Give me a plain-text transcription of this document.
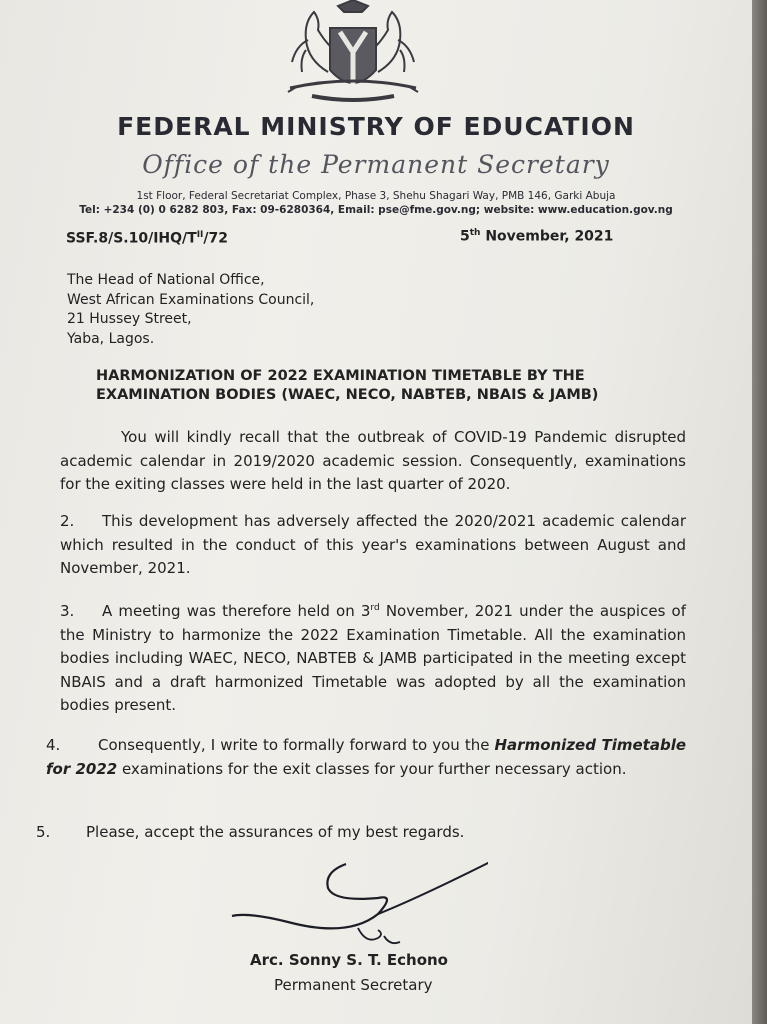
FEDERAL MINISTRY OF EDUCATION
Office of the Permanent Secretary
1st Floor, Federal Secretariat Complex, Phase 3, Shehu Shagari Way, PMB 146, Garki Abuja
Tel: +234 (0) 0 6282 803, Fax: 09-6280364, Email: pse@fme.gov.ng; website: www.education.gov.ng
$SSF.8/S.10/IHQ/T^{II}/72$	5th November, 2021
The Head of National Office,
West African Examinations Council,
21 Hussey Street,
Yaba, Lagos.
HARMONIZATION OF 2022 EXAMINATION TIMETABLE BY THE EXAMINATION BODIES (WAEC, NECO, NABTEB, NBAIS & JAMB)
You will kindly recall that the outbreak of COVID-19 Pandemic disrupted academic calendar in 2019/2020 academic session. Consequently, examinations for the exiting classes were held in the last quarter of 2020.
2. This development has adversely affected the 2020/2021 academic calendar which resulted in the conduct of this year's examinations between August and November, 2021.
3. A meeting was therefore held on 3rd November, 2021 under the auspices of the Ministry to harmonize the 2022 Examination Timetable. All the examination bodies including WAEC, NECO, NABTEB & JAMB participated in the meeting except NBAIS and a draft harmonized Timetable was adopted by all the examination bodies present.
4.	Consequently, I write to formally forward to you the Harmonized Timetable for 2022 examinations for the exit classes for your further necessary action.
5. Please, accept the assurances of my best regards.
Arc. Sonny S. T. Echono
Permanent Secretary
